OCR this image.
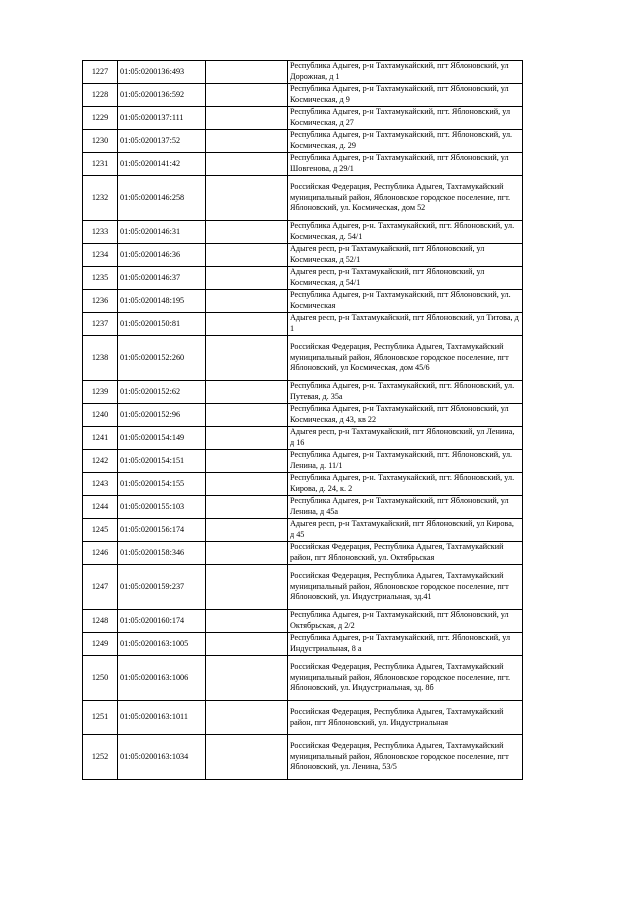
1227	01:05:0200136:493		Республика Адыгея, р-н Тахтамукайский, пгт Яблоновский, ул Дорожная, д 1
1228	01:05:0200136:592		Республика Адыгея, р-н Тахтамукайский, пгт Яблоновский, ул Космическая, д 9
1229	01:05:0200137:111		Республика Адыгея, р-н Тахтамукайский, пгт. Яблоновский, ул Космическая, д 27
1230	01:05:0200137:52		Республика Адыгея, р-н Тахтамукайский, пгт. Яблоновский, ул. Космическая, д. 29
1231	01:05:0200141:42		Республика Адыгея, р-н Тахтамукайский, пгт Яблоновский, ул Шовгенова, д 29/1
1232	01:05:0200146:258		Российская Федерация, Республика Адыгея, Тахтамукайский муниципальный район, Яблоновское городское поселение, пгт. Яблоновский, ул. Космическая, дом 52
1233	01:05:0200146:31		Республика Адыгея, р-н. Тахтамукайский, пгт. Яблоновский, ул. Космическая, д. 54/1
1234	01:05:0200146:36		Адыгея респ, р-н Тахтамукайский, пгт Яблоновский, ул Космическая, д 52/1
1235	01:05:0200146:37		Адыгея респ, р-н Тахтамукайский, пгт Яблоновский, ул Космическая, д 54/1
1236	01:05:0200148:195		Республика Адыгея, р-н Тахтамукайский, пгт Яблоновский, ул. Космическая
1237	01:05:0200150:81		Адыгея респ, р-н Тахтамукайский, пгт Яблоновский, ул Титова, д 1
1238	01:05:0200152:260		Российская Федерация, Республика Адыгея, Тахтамукайский муниципальный район, Яблоновское городское поселение, пгт Яблоновский, ул Космическая, дом 45/6
1239	01:05:0200152:62		Республика Адыгея, р-н. Тахтамукайский, пгт. Яблоновский, ул. Путевая, д. 35а
1240	01:05:0200152:96		Республика Адыгея, р-н Тахтамукайский, пгт Яблоновский, ул Космическая, д 43, кв 22
1241	01:05:0200154:149		Адыгея респ, р-н Тахтамукайский, пгт Яблоновский, ул Ленина, д 16
1242	01:05:0200154:151		Республика Адыгея, р-н Тахтамукайский, пгт. Яблоновский, ул. Ленина, д. 11/1
1243	01:05:0200154:155		Республика Адыгея, р-н. Тахтамукайский, пгт. Яблоновский, ул. Кирова, д. 24, к. 2
1244	01:05:0200155:103		Республика Адыгея, р-н Тахтамукайский, пгт Яблоновский, ул Ленина, д 45а
1245	01:05:0200156:174		Адыгея респ, р-н Тахтамукайский, пгт Яблоновский, ул Кирова, д 45
1246	01:05:0200158:346		Российская Федерация, Республика Адыгея, Тахтамукайский район, пгт Яблоновский, ул. Октябрьская
1247	01:05:0200159:237		Российская Федерация, Республика Адыгея, Тахтамукайский муниципальный район, Яблоновское городское поселение, пгт Яблоновский, ул. Индустриальная, зд.41
1248	01:05:0200160:174		Республика Адыгея, р-н Тахтамукайский, пгт Яблоновский, ул Октябрьская, д 2/2
1249	01:05:0200163:1005		Республика Адыгея, р-н Тахтамукайский, пгт. Яблоновский, ул Индустриальная, 8 а
1250	01:05:0200163:1006		Российская Федерация, Республика Адыгея, Тахтамукайский муниципальный район, Яблоновское городское поселение, пгт. Яблоновский, ул. Индустриальная, зд. 8б
1251	01:05:0200163:1011		Российская Федерация, Республика Адыгея, Тахтамукайский район, пгт Яблоновский, ул. Индустриальная
1252	01:05:0200163:1034		Российская Федерация, Республика Адыгея, Тахтамукайский муниципальный район, Яблоновское городское поселение, пгт Яблоновский, ул. Ленина, 53/5
